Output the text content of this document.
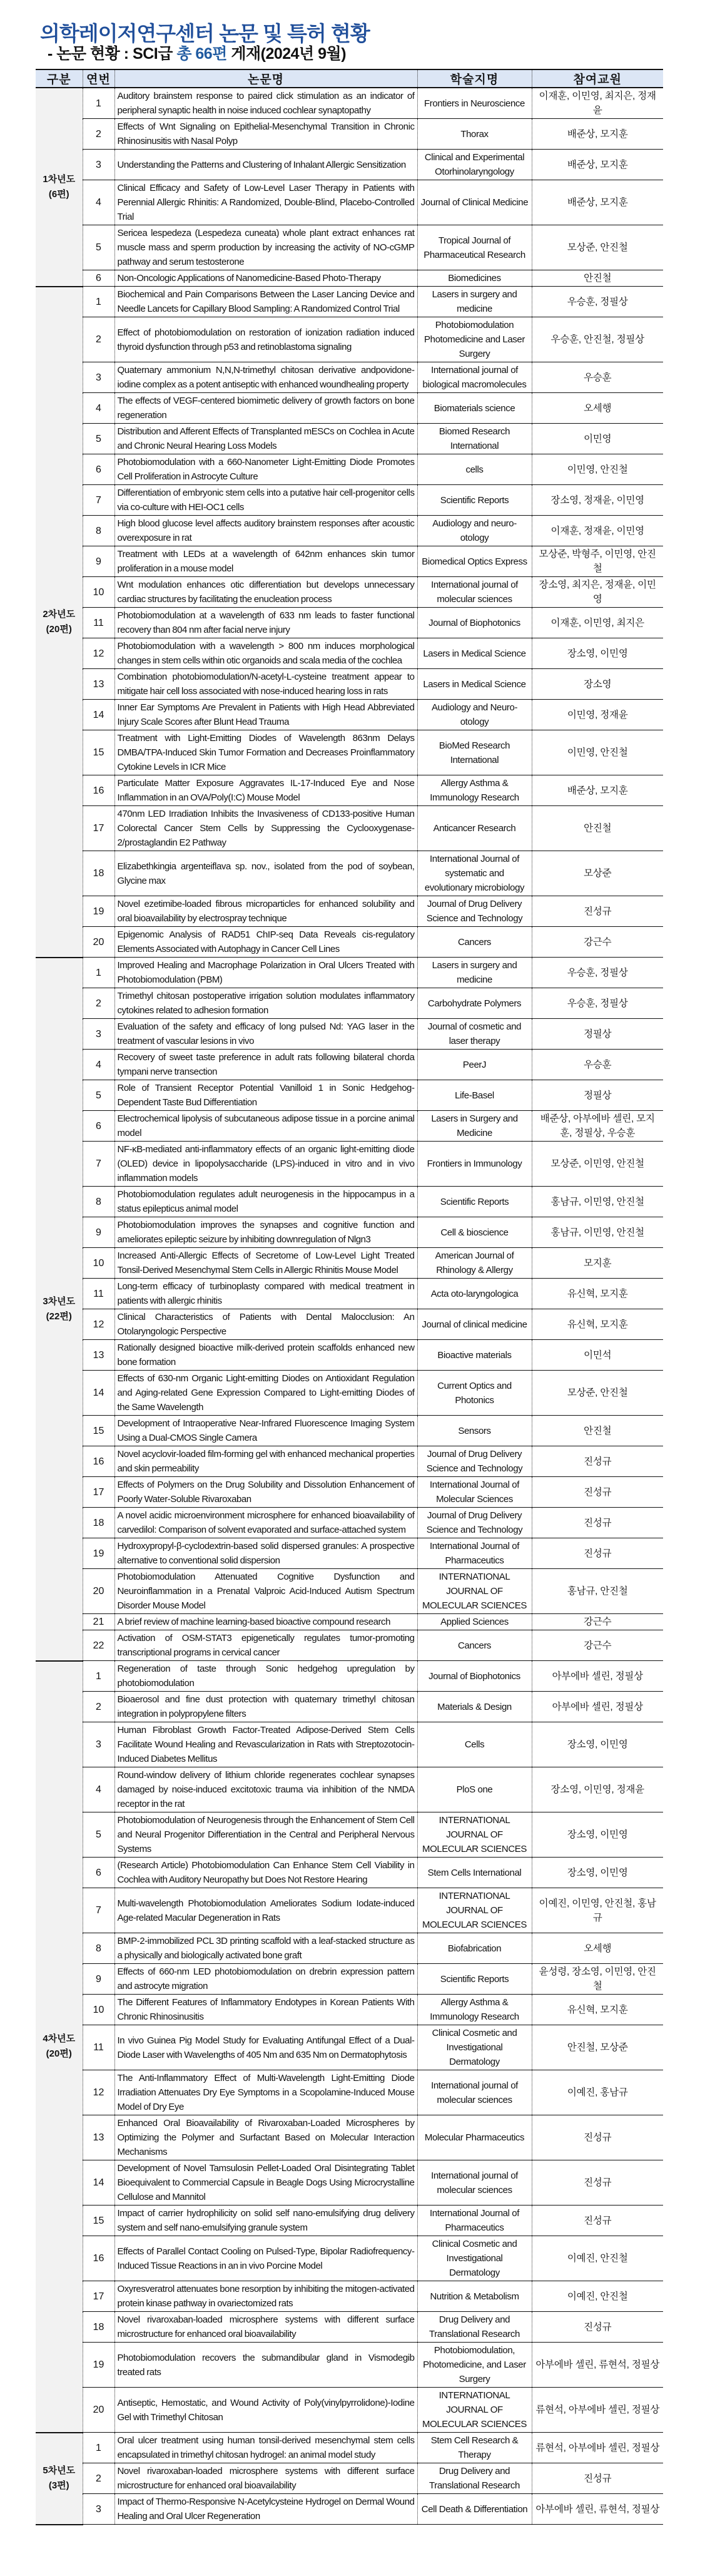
의학레이저연구센터 논문 및 특허 현황
- 논문 현황 : SCI급 총 66편 게재(2024년 9월)
구분	연번	논문명	학술지명	참여교원

1차년도
(6편)	1	Auditory brainstem response to paired click stimulation as an indicator of peripheral synaptic health in noise induced cochlear synaptopathy	Frontiers in Neuroscience	이재훈, 이민영, 최지은, 정재윤
	2	Effects of Wnt Signaling on Epithelial-Mesenchymal Transition in Chronic Rhinosinusitis with Nasal Polyp	Thorax	배준상, 모지훈
	3	Understanding the Patterns and Clustering of Inhalant Allergic Sensitization	Clinical and Experimental Otorhinolaryngology	배준상, 모지훈
	4	Clinical Efficacy and Safety of Low-Level Laser Therapy in Patients with Perennial Allergic Rhinitis: A Randomized, Double-Blind, Placebo-Controlled Trial	Journal of Clinical Medicine	배준상, 모지훈
	5	Sericea lespedeza (Lespedeza cuneata) whole plant extract enhances rat muscle mass and sperm production by increasing the activity of NO-cGMP pathway and serum testosterone	Tropical Journal of Pharmaceutical Research	모상준, 안진철
	6	Non-Oncologic Applications of Nanomedicine-Based Photo-Therapy	Biomedicines	안진철

2차년도
(20편)	1	Biochemical and Pain Comparisons Between the Laser Lancing Device and Needle Lancets for Capillary Blood Sampling: A Randomized Control Trial	Lasers in surgery and medicine	우승훈, 정필상
	2	Effect of photobiomodulation on restoration of ionization radiation induced thyroid dysfunction through p53 and retinoblastoma signaling	Photobiomodulation Photomedicine and Laser Surgery	우승훈, 안진철, 정필상
	3	Quaternary ammonium N,N,N-trimethyl chitosan derivative andpovidone-iodine complex as a potent antiseptic with enhanced woundhealing property	International journal of biological macromolecules	우승훈
	4	The effects of VEGF-centered biomimetic delivery of growth factors on bone regeneration	Biomaterials science	오세행
	5	Distribution and Afferent Effects of Transplanted mESCs on Cochlea in Acute and Chronic Neural Hearing Loss Models	Biomed Research International	이민영
	6	Photobiomodulation with a 660-Nanometer Light-Emitting Diode Promotes Cell Proliferation in Astrocyte Culture	cells	이민영, 안진철
	7	Differentiation of embryonic stem cells into a putative hair cell-progenitor cells via co-culture with HEI-OC1 cells	Scientific Reports	장소영, 정재윤, 이민영
	8	High blood glucose level affects auditory brainstem responses after acoustic overexposure in rat	Audiology and neuro-otology	이재훈, 정재윤, 이민영
	9	Treatment with LEDs at a wavelength of 642nm enhances skin tumor proliferation in a mouse model	Biomedical Optics Express	모상준, 박형주, 이민영, 안진철
	10	Wnt modulation enhances otic differentiation but develops unnecessary cardiac structures by facilitating the enucleation process	International journal of molecular sciences	장소영, 최지은, 정재윤, 이민영
	11	Photobiomodulation at a wavelength of 633 nm leads to faster functional recovery than 804 nm after facial nerve injury	Journal of Biophotonics	이재훈, 이민영, 최지은
	12	Photobiomodulation with a wavelength > 800 nm induces morphological changes in stem cells within otic organoids and scala media of the cochlea	Lasers in Medical Science	장소영, 이민영
	13	Combination photobiomodulation/N-acetyl-L-cysteine treatment appear to mitigate hair cell loss associated with nose-induced hearing loss in rats	Lasers in Medical Science	장소영
	14	Inner Ear Symptoms Are Prevalent in Patients with High Head Abbreviated Injury Scale Scores after Blunt Head Trauma	Audiology and Neuro-otology	이민영, 정재윤
	15	Treatment with Light-Emitting Diodes of Wavelength 863nm Delays DMBA/TPA-Induced Skin Tumor Formation and Decreases Proinflammatory Cytokine Levels in ICR Mice	BioMed Research International	이민영, 안진철
	16	Particulate Matter Exposure Aggravates IL-17-Induced Eye and Nose Inflammation in an OVA/Poly(I:C) Mouse Model	Allergy Asthma & Immunology Research	배준상, 모지훈
	17	470nm LED Irradiation Inhibits the Invasiveness of CD133-positive Human Colorectal Cancer Stem Cells by Suppressing the Cyclooxygenase-2/prostaglandin E2 Pathway	Anticancer Research	안진철
	18	Elizabethkingia argenteiflava sp. nov., isolated from the pod of soybean, Glycine max	International Journal of systematic and evolutionary microbiology	모상준
	19	Novel ezetimibe-loaded fibrous microparticles for enhanced solubility and oral bioavailability by electrospray technique	Journal of Drug Delivery Science and Technology	진성규
	20	Epigenomic Analysis of RAD51 ChIP-seq Data Reveals cis-regulatory Elements Associated with Autophagy in Cancer Cell Lines	Cancers	강근수

3차년도
(22편)	1	Improved Healing and Macrophage Polarization in Oral Ulcers Treated with Photobiomodulation (PBM)	Lasers in surgery and medicine	우승훈, 정필상
	2	Trimethyl chitosan postoperative irrigation solution modulates inflammatory cytokines related to adhesion formation	Carbohydrate Polymers	우승훈, 정필상
	3	Evaluation of the safety and efficacy of long pulsed Nd: YAG laser in the treatment of vascular lesions in vivo	Journal of cosmetic and laser therapy	정필상
	4	Recovery of sweet taste preference in adult rats following bilateral chorda tympani nerve transection	PeerJ	우승훈
	5	Role of Transient Receptor Potential Vanilloid 1 in Sonic Hedgehog-Dependent Taste Bud Differentiation	Life-Basel	정필상
	6	Electrochemical lipolysis of subcutaneous adipose tissue in a porcine animal model	Lasers in Surgery and Medicine	배준상, 아부에바 셀린, 모지훈, 정필상, 우승훈
	7	NF-κB-mediated anti-inflammatory effects of an organic light-emitting diode (OLED) device in lipopolysaccharide (LPS)-induced in vitro and in vivo inflammation models	Frontiers in Immunology	모상준, 이민영, 안진철
	8	Photobiomodulation regulates adult neurogenesis in the hippocampus in a status epilepticus animal model	Scientific Reports	홍남규, 이민영, 안진철
	9	Photobiomodulation improves the synapses and cognitive function and ameliorates epileptic seizure by inhibiting downregulation of Nlgn3	Cell & bioscience	홍남규, 이민영, 안진철
	10	Increased Anti-Allergic Effects of Secretome of Low-Level Light Treated Tonsil-Derived Mesenchymal Stem Cells in Allergic Rhinitis Mouse Model	American Journal of Rhinology & Allergy	모지훈
	11	Long-term efficacy of turbinoplasty compared with medical treatment in patients with allergic rhinitis	Acta oto-laryngologica	유신혁, 모지훈
	12	Clinical Characteristics of Patients with Dental Malocclusion: An Otolaryngologic Perspective	Journal of clinical medicine	유신혁, 모지훈
	13	Rationally designed bioactive milk-derived protein scaffolds enhanced new bone formation	Bioactive materials	이민석
	14	Effects of 630-nm Organic Light-emitting Diodes on Antioxidant Regulation and Aging-related Gene Expression Compared to Light-emitting Diodes of the Same Wavelength	Current Optics and Photonics	모상준, 안진철
	15	Development of Intraoperative Near-Infrared Fluorescence Imaging System Using a Dual-CMOS Single Camera	Sensors	안진철
	16	Novel acyclovir-loaded film-forming gel with enhanced mechanical properties and skin permeability	Journal of Drug Delivery Science and Technology	진성규
	17	Effects of Polymers on the Drug Solubility and Dissolution Enhancement of Poorly Water-Soluble Rivaroxaban	International Journal of Molecular Sciences	진성규
	18	A novel acidic microenvironment microsphere for enhanced bioavailability of carvedilol: Comparison of solvent evaporated and surface-attached system	Journal of Drug Delivery Science and Technology	진성규
	19	Hydroxypropyl-β-cyclodextrin-based solid dispersed granules: A prospective alternative to conventional solid dispersion	International Journal of Pharmaceutics	진성규
	20	Photobiomodulation Attenuated Cognitive Dysfunction and Neuroinflammation in a Prenatal Valproic Acid-Induced Autism Spectrum Disorder Mouse Model	INTERNATIONAL JOURNAL OF MOLECULAR SCIENCES	홍남규, 안진철
	21	A brief review of machine learning-based bioactive compound research	Applied Sciences	강근수
	22	Activation of OSM-STAT3 epigenetically regulates tumor-promoting transcriptional programs in cervical cancer	Cancers	강근수

4차년도
(20편)	1	Regeneration of taste through Sonic hedgehog upregulation by photobiomodulation	Journal of Biophotonics	아부에바 셀린, 정필상
	2	Bioaerosol and fine dust protection with quaternary trimethyl chitosan integration in polypropylene filters	Materials & Design	아부에바 셀린, 정필상
	3	Human Fibroblast Growth Factor-Treated Adipose-Derived Stem Cells Facilitate Wound Healing and Revascularization in Rats with Streptozotocin-Induced Diabetes Mellitus	Cells	장소영, 이민영
	4	Round-window delivery of lithium chloride regenerates cochlear synapses damaged by noise-induced excitotoxic trauma via inhibition of the NMDA receptor in the rat	PloS one	장소영, 이민영, 정재윤
	5	Photobiomodulation of Neurogenesis through the Enhancement of Stem Cell and Neural Progenitor Differentiation in the Central and Peripheral Nervous Systems	INTERNATIONAL JOURNAL OF MOLECULAR SCIENCES	장소영, 이민영
	6	(Research Article) Photobiomodulation Can Enhance Stem Cell Viability in Cochlea with Auditory Neuropathy but Does Not Restore Hearing	Stem Cells International	장소영, 이민영
	7	Multi-wavelength Photobiomodulation Ameliorates Sodium Iodate-induced Age-related Macular Degeneration in Rats	INTERNATIONAL JOURNAL OF MOLECULAR SCIENCES	이예진, 이민영, 안진철, 홍남규
	8	BMP-2-immobilized PCL 3D printing scaffold with a leaf-stacked structure as a physically and biologically activated bone graft	Biofabrication	오세행
	9	Effects of 660-nm LED photobiomodulation on drebrin expression pattern and astrocyte migration	Scientific Reports	윤성령, 장소영, 이민영, 안진철
	10	The Different Features of Inflammatory Endotypes in Korean Patients With Chronic Rhinosinusitis	Allergy Asthma & Immunology Research	유신혁, 모지훈
	11	In vivo Guinea Pig Model Study for Evaluating Antifungal Effect of a Dual-Diode Laser with Wavelengths of 405 Nm and 635 Nm on Dermatophytosis	Clinical Cosmetic and Investigational Dermatology	안진철, 모상준
	12	The Anti-Inflammatory Effect of Multi-Wavelength Light-Emitting Diode Irradiation Attenuates Dry Eye Symptoms in a Scopolamine-Induced Mouse Model of Dry Eye	International journal of molecular sciences	이예진, 홍남규
	13	Enhanced Oral Bioavailability of Rivaroxaban-Loaded Microspheres by Optimizing the Polymer and Surfactant Based on Molecular Interaction Mechanisms	Molecular Pharmaceutics	진성규
	14	Development of Novel Tamsulosin Pellet-Loaded Oral Disintegrating Tablet Bioequivalent to Commercial Capsule in Beagle Dogs Using Microcrystalline Cellulose and Mannitol	International journal of molecular sciences	진성규
	15	Impact of carrier hydrophilicity on solid self nano-emulsifying drug delivery system and self nano-emulsifying granule system	International Journal of Pharmaceutics	진성규
	16	Effects of Parallel Contact Cooling on Pulsed-Type, Bipolar Radiofrequency-Induced Tissue Reactions in an in vivo Porcine Model	Clinical Cosmetic and Investigational Dermatology	이예진, 안진철
	17	Oxyresveratrol attenuates bone resorption by inhibiting the mitogen-activated protein kinase pathway in ovariectomized rats	Nutrition & Metabolism	이예진, 안진철
	18	Novel rivaroxaban-loaded microsphere systems with different surface microstructure for enhanced oral bioavailability	Drug Delivery and Translational Research	진성규
	19	Photobiomodulation recovers the submandibular gland in Vismodegib treated rats	Photobiomodulation, Photomedicine, and Laser Surgery	아부에바 셀린, 류현석, 정필상
	20	Antiseptic, Hemostatic, and Wound Activity of Poly(vinylpyrrolidone)-Iodine Gel with Trimethyl Chitosan	INTERNATIONAL JOURNAL OF MOLECULAR SCIENCES	류현석, 아부에바 셀린, 정필상

5차년도
(3편)	1	Oral ulcer treatment using human tonsil-derived mesenchymal stem cells encapsulated in trimethyl chitosan hydrogel: an animal model study	Stem Cell Research & Therapy	류현석, 아부에바 셀린, 정필상
	2	Novel rivaroxaban-loaded microsphere systems with different surface microstructure for enhanced oral bioavailability	Drug Delivery and Translational Research	진성규
	3	Impact of Thermo-Responsive N-Acetylcysteine Hydrogel on Dermal Wound Healing and Oral Ulcer Regeneration	Cell Death & Differentiation	아부에바 셀린, 류현석, 정필상
